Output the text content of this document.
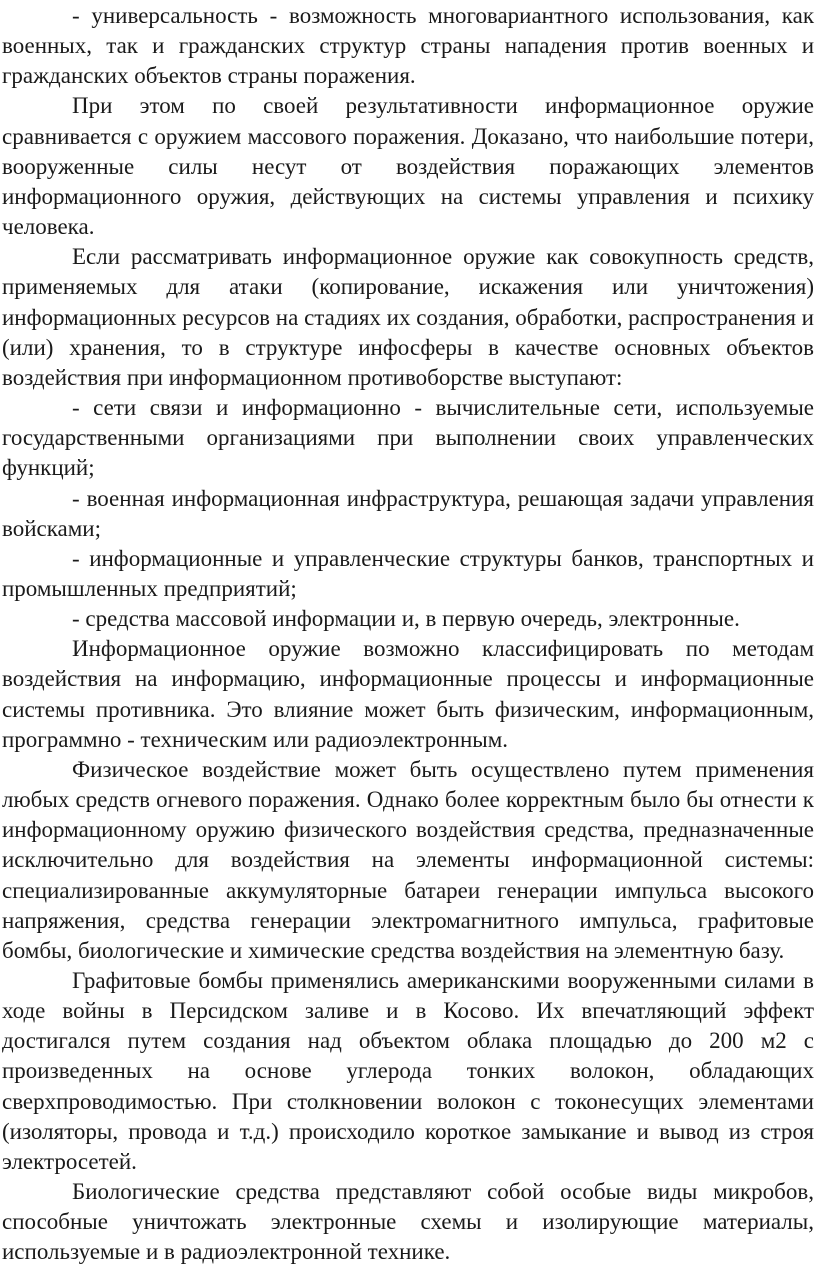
- универсальность - возможность многовариантного использования, как военных, так и гражданских структур страны нападения против военных и гражданских объектов страны поражения.

При этом по своей результативности информационное оружие сравнивается с оружием массового поражения. Доказано, что наибольшие потери, вооруженные силы несут от воздействия поражающих элементов информационного оружия, действующих на системы управления и психику человека.

Если рассматривать информационное оружие как совокупность средств, применяемых для атаки (копирование, искажения или уничтожения) информационных ресурсов на стадиях их создания, обработки, распространения и (или) хранения, то в структуре инфосферы в качестве основных объектов воздействия при информационном противоборстве выступают:

- сети связи и информационно - вычислительные сети, используемые государственными организациями при выполнении своих управленческих функций;

- военная информационная инфраструктура, решающая задачи управления войсками;

- информационные и управленческие структуры банков, транспортных и промышленных предприятий;

- средства массовой информации и, в первую очередь, электронные.

Информационное оружие возможно классифицировать по методам воздействия на информацию, информационные процессы и информационные системы противника. Это влияние может быть физическим, информационным, программно - техническим или радиоэлектронным.

Физическое воздействие может быть осуществлено путем применения любых средств огневого поражения. Однако более корректным было бы отнести к информационному оружию физического воздействия средства, предназначенные исключительно для воздействия на элементы информационной системы: специализированные аккумуляторные батареи генерации импульса высокого напряжения, средства генерации электромагнитного импульса, графитовые бомбы, биологические и химические средства воздействия на элементную базу.

Графитовые бомбы применялись американскими вооруженными силами в ходе войны в Персидском заливе и в Косово. Их впечатляющий эффект достигался путем создания над объектом облака площадью до 200 м2 с произведенных на основе углерода тонких волокон, обладающих сверхпроводимостью. При столкновении волокон с токонесущих элементами (изоляторы, провода и т.д.) происходило короткое замыкание и вывод из строя электросетей.

Биологические средства представляют собой особые виды микробов, способные уничтожать электронные схемы и изолирующие материалы, используемые и в радиоэлектронной технике.
